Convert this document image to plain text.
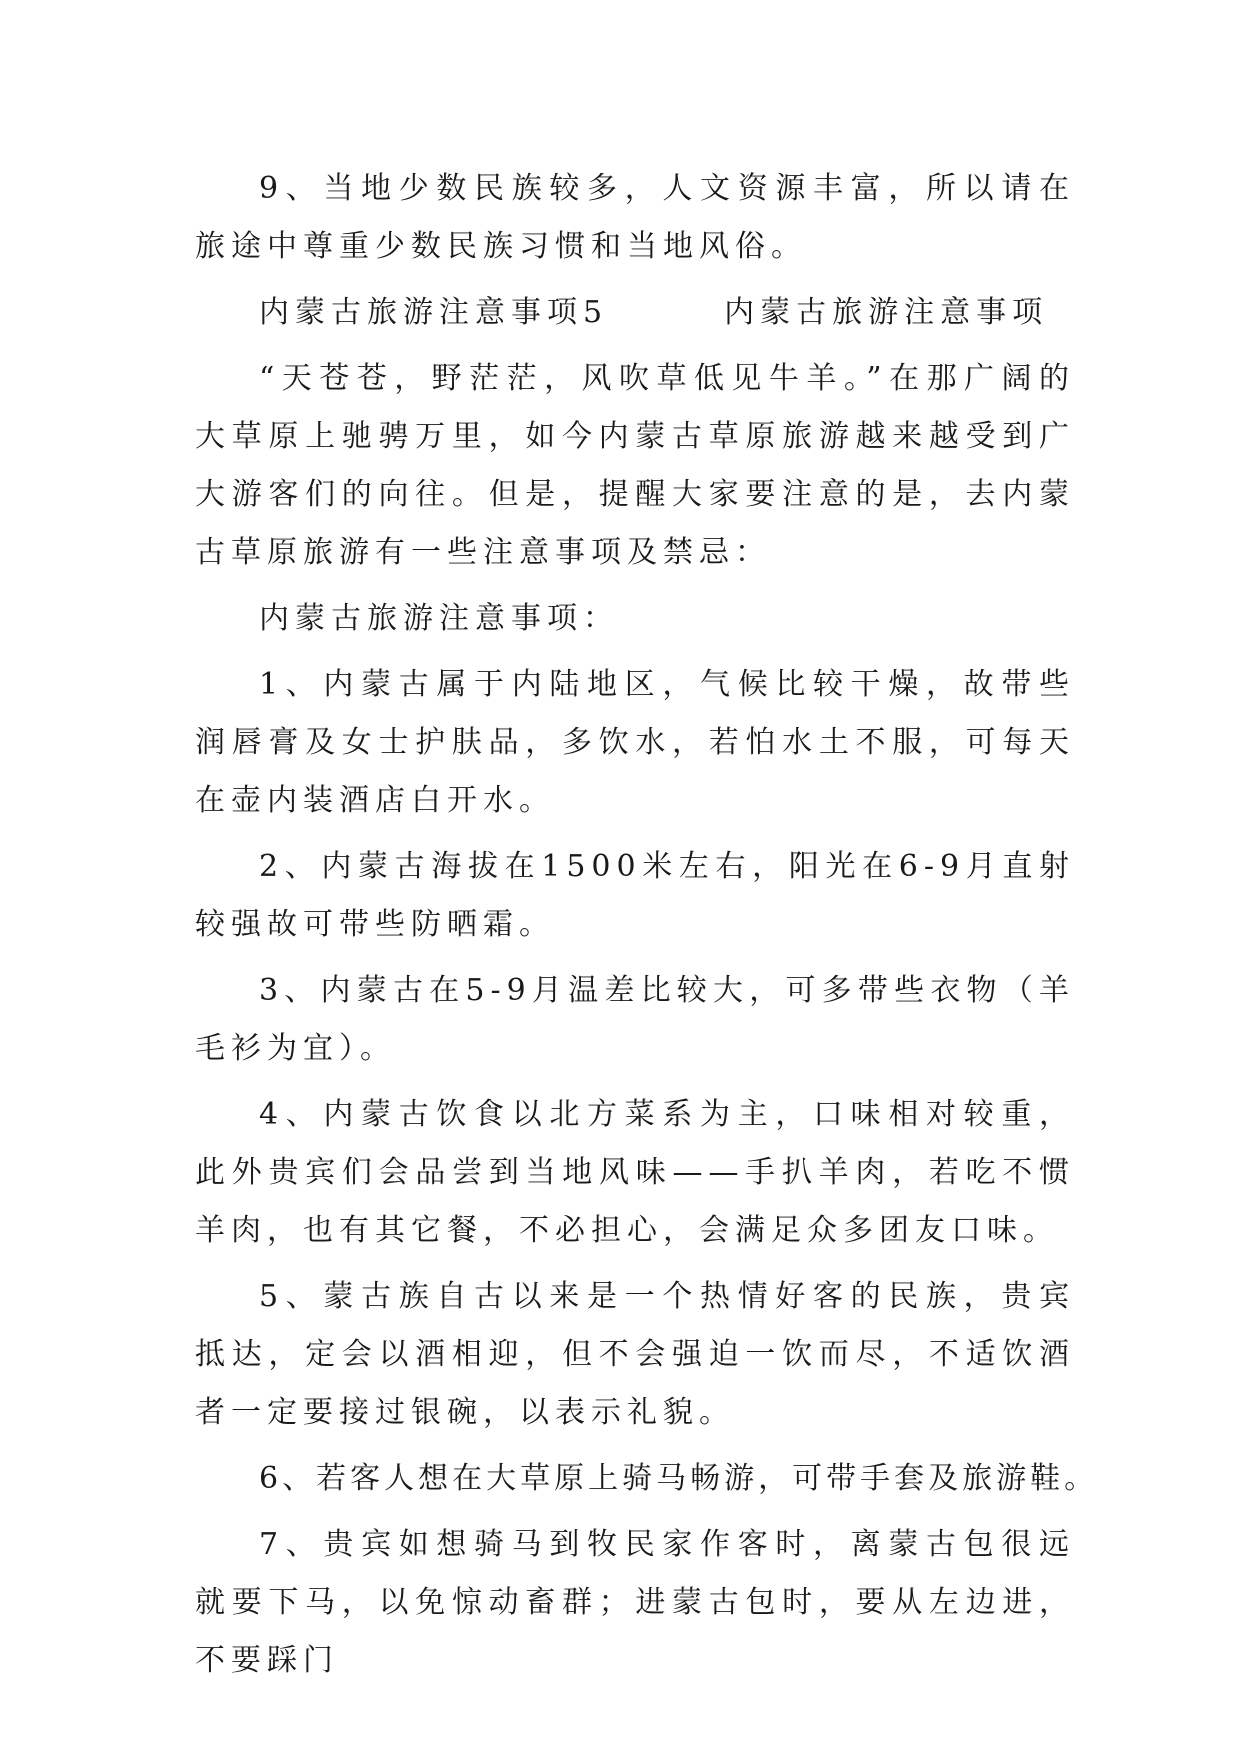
9、当地少数民族较多，人文资源丰富，所以请在旅途中尊重少数民族习惯和当地风俗。

内蒙古旅游注意事项5	内蒙古旅游注意事项

“天苍苍，野茫茫，风吹草低见牛羊。”在那广阔的大草原上驰骋万里，如今内蒙古草原旅游越来越受到广大游客们的向往。但是，提醒大家要注意的是，去内蒙古草原旅游有一些注意事项及禁忌：

内蒙古旅游注意事项：

1、内蒙古属于内陆地区，气候比较干燥，故带些润唇膏及女士护肤品，多饮水，若怕水土不服，可每天在壶内装酒店白开水。

2、内蒙古海拔在1500米左右，阳光在6-9月直射较强故可带些防晒霜。

3、内蒙古在5-9月温差比较大，可多带些衣物（羊毛衫为宜）。

4、内蒙古饮食以北方菜系为主，口味相对较重，此外贵宾们会品尝到当地风味——手扒羊肉，若吃不惯羊肉，也有其它餐，不必担心，会满足众多团友口味。

5、蒙古族自古以来是一个热情好客的民族，贵宾抵达，定会以酒相迎，但不会强迫一饮而尽，不适饮酒者一定要接过银碗，以表示礼貌。

6、若客人想在大草原上骑马畅游，可带手套及旅游鞋。

7、贵宾如想骑马到牧民家作客时，离蒙古包很远就要下马，以免惊动畜群；进蒙古包时，要从左边进，不要踩门
